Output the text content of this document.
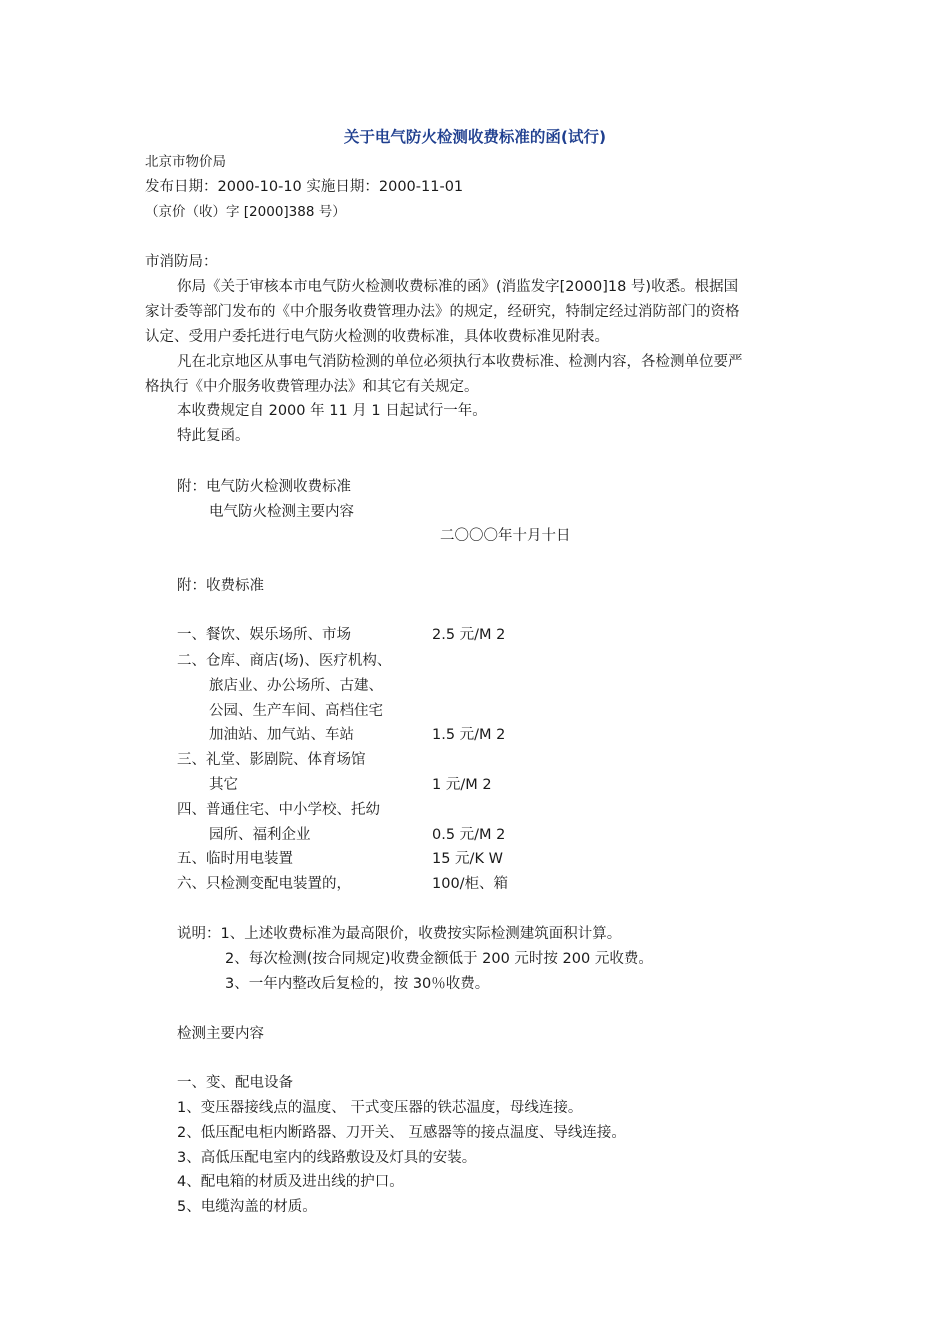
关于电气防火检测收费标准的函(试行)
北京市物价局
发布日期：2000-10-10 实施日期：2000-11-01
（京价（收）字 [2000]388 号）
市消防局：
你局《关于审核本市电气防火检测收费标准的函》(消监发字[2000]18 号)收悉。根据国
家计委等部门发布的《中介服务收费管理办法》的规定，经研究，特制定经过消防部门的资格
认定、受用户委托进行电气防火检测的收费标准，具体收费标准见附表。
凡在北京地区从事电气消防检测的单位必须执行本收费标准、检测内容，各检测单位要严
格执行《中介服务收费管理办法》和其它有关规定。
本收费规定自 2000 年 11 月 1 日起试行一年。
特此复函。
附：电气防火检测收费标准
电气防火检测主要内容
二〇〇〇年十月十日
附：收费标准
一、餐饮、娱乐场所、市场	2.5 元/M 2
二、仓库、商店(场)、医疗机构、
旅店业、办公场所、古建、
公园、生产车间、高档住宅
加油站、加气站、车站	1.5 元/M 2
三、礼堂、影剧院、体育场馆
其它	1 元/M 2
四、普通住宅、中小学校、托幼
园所、福利企业	0.5 元/M 2
五、临时用电装置	15 元/K W
六、只检测变配电装置的，	100/柜、箱
说明：1、上述收费标准为最高限价，收费按实际检测建筑面积计算。
2、每次检测(按合同规定)收费金额低于 200 元时按 200 元收费。
3、一年内整改后复检的，按 30％收费。
检测主要内容
一、变、配电设备
1、变压器接线点的温度、 干式变压器的铁芯温度，母线连接。
2、低压配电柜内断路器、刀开关、 互感器等的接点温度、导线连接。
3、高低压配电室内的线路敷设及灯具的安装。
4、配电箱的材质及进出线的护口。
5、电缆沟盖的材质。
